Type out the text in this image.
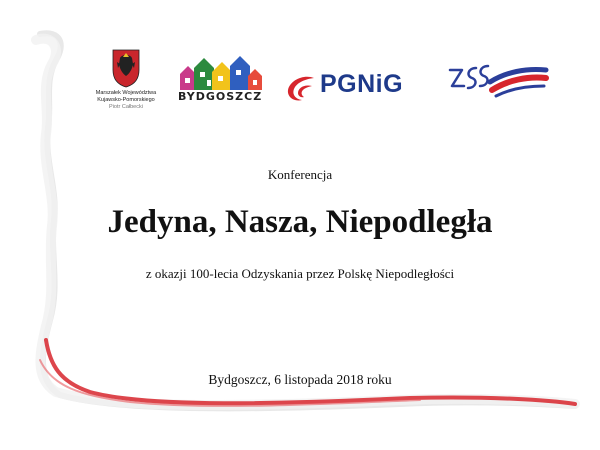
Marszałek Województwa
Kujawsko-Pomorskiego
Piotr Całbecki
BYDGOSZCZ PGNiG
Konferencja
Jedyna, Nasza, Niepodległa
z okazji 100-lecia Odzyskania przez Polskę Niepodległości
Bydgoszcz, 6 listopada 2018 roku
